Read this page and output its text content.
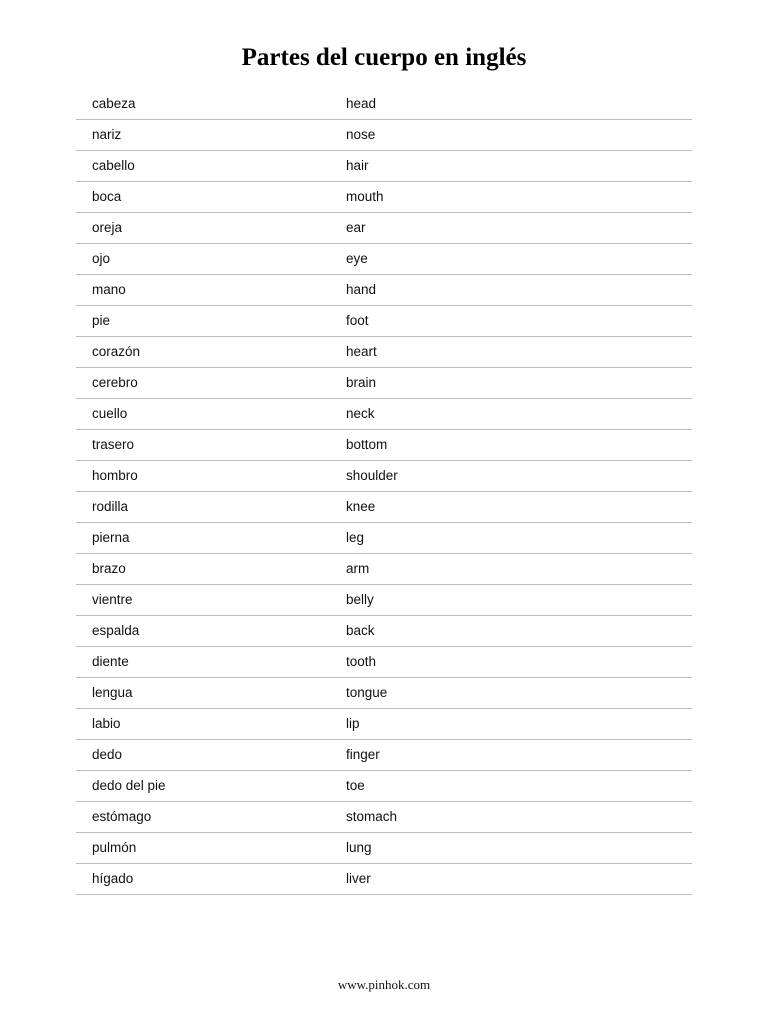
Partes del cuerpo en inglés
cabeza	head
nariz	nose
cabello	hair
boca	mouth
oreja	ear
ojo	eye
mano	hand
pie	foot
corazón	heart
cerebro	brain
cuello	neck
trasero	bottom
hombro	shoulder
rodilla	knee
pierna	leg
brazo	arm
vientre	belly
espalda	back
diente	tooth
lengua	tongue
labio	lip
dedo	finger
dedo del pie	toe
estómago	stomach
pulmón	lung
hígado	liver
www.pinhok.com
